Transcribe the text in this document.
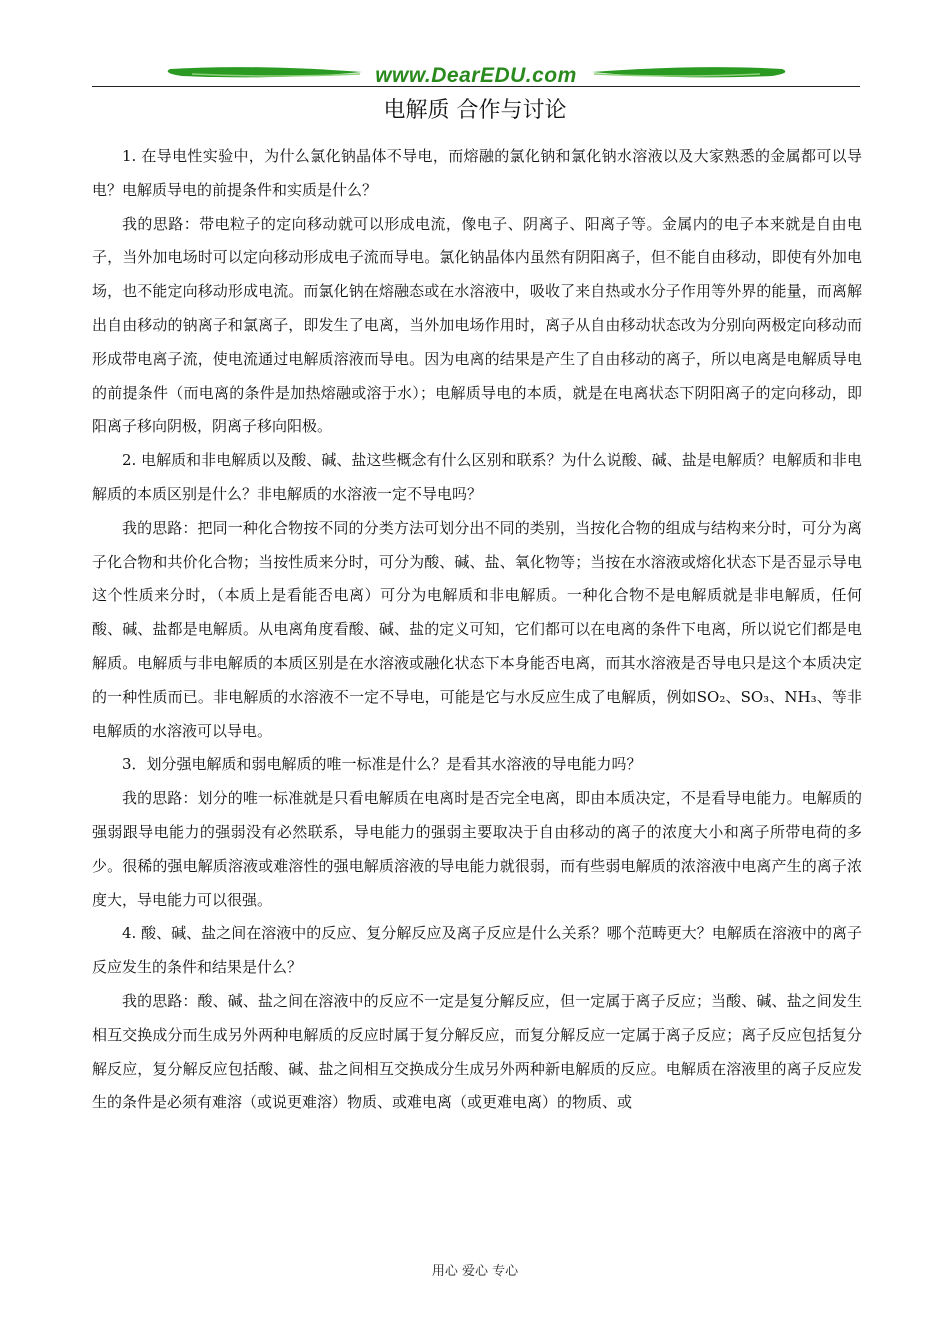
www.DearEDU.com
电解质 合作与讨论

1. 在导电性实验中，为什么氯化钠晶体不导电，而熔融的氯化钠和氯化钠水溶液以及大家熟悉的金属都可以导电？电解质导电的前提条件和实质是什么？

我的思路：带电粒子的定向移动就可以形成电流，像电子、阴离子、阳离子等。金属内的电子本来就是自由电子，当外加电场时可以定向移动形成电子流而导电。氯化钠晶体内虽然有阴阳离子，但不能自由移动，即使有外加电场，也不能定向移动形成电流。而氯化钠在熔融态或在水溶液中，吸收了来自热或水分子作用等外界的能量，而离解出自由移动的钠离子和氯离子，即发生了电离，当外加电场作用时，离子从自由移动状态改为分别向两极定向移动而形成带电离子流，使电流通过电解质溶液而导电。因为电离的结果是产生了自由移动的离子，所以电离是电解质导电的前提条件（而电离的条件是加热熔融或溶于水）；电解质导电的本质，就是在电离状态下阴阳离子的定向移动，即阳离子移向阴极，阴离子移向阳极。

2. 电解质和非电解质以及酸、碱、盐这些概念有什么区别和联系？为什么说酸、碱、盐是电解质？电解质和非电解质的本质区别是什么？非电解质的水溶液一定不导电吗？

我的思路：把同一种化合物按不同的分类方法可划分出不同的类别，当按化合物的组成与结构来分时，可分为离子化合物和共价化合物；当按性质来分时，可分为酸、碱、盐、氧化物等；当按在水溶液或熔化状态下是否显示导电这个性质来分时，（本质上是看能否电离）可分为电解质和非电解质。一种化合物不是电解质就是非电解质，任何酸、碱、盐都是电解质。从电离角度看酸、碱、盐的定义可知，它们都可以在电离的条件下电离，所以说它们都是电解质。电解质与非电解质的本质区别是在水溶液或融化状态下本身能否电离，而其水溶液是否导电只是这个本质决定的一种性质而已。非电解质的水溶液不一定不导电，可能是它与水反应生成了电解质，例如SO₂、SO₃、NH₃、等非电解质的水溶液可以导电。

3．划分强电解质和弱电解质的唯一标准是什么？是看其水溶液的导电能力吗？

我的思路：划分的唯一标准就是只看电解质在电离时是否完全电离，即由本质决定，不是看导电能力。电解质的强弱跟导电能力的强弱没有必然联系，导电能力的强弱主要取决于自由移动的离子的浓度大小和离子所带电荷的多少。很稀的强电解质溶液或难溶性的强电解质溶液的导电能力就很弱，而有些弱电解质的浓溶液中电离产生的离子浓度大，导电能力可以很强。

4. 酸、碱、盐之间在溶液中的反应、复分解反应及离子反应是什么关系？哪个范畴更大？电解质在溶液中的离子反应发生的条件和结果是什么？

我的思路：酸、碱、盐之间在溶液中的反应不一定是复分解反应，但一定属于离子反应；当酸、碱、盐之间发生相互交换成分而生成另外两种电解质的反应时属于复分解反应，而复分解反应一定属于离子反应；离子反应包括复分解反应，复分解反应包括酸、碱、盐之间相互交换成分生成另外两种新电解质的反应。电解质在溶液里的离子反应发生的条件是必须有难溶（或说更难溶）物质、或难电离（或更难电离）的物质、或

用心 爱心 专心
